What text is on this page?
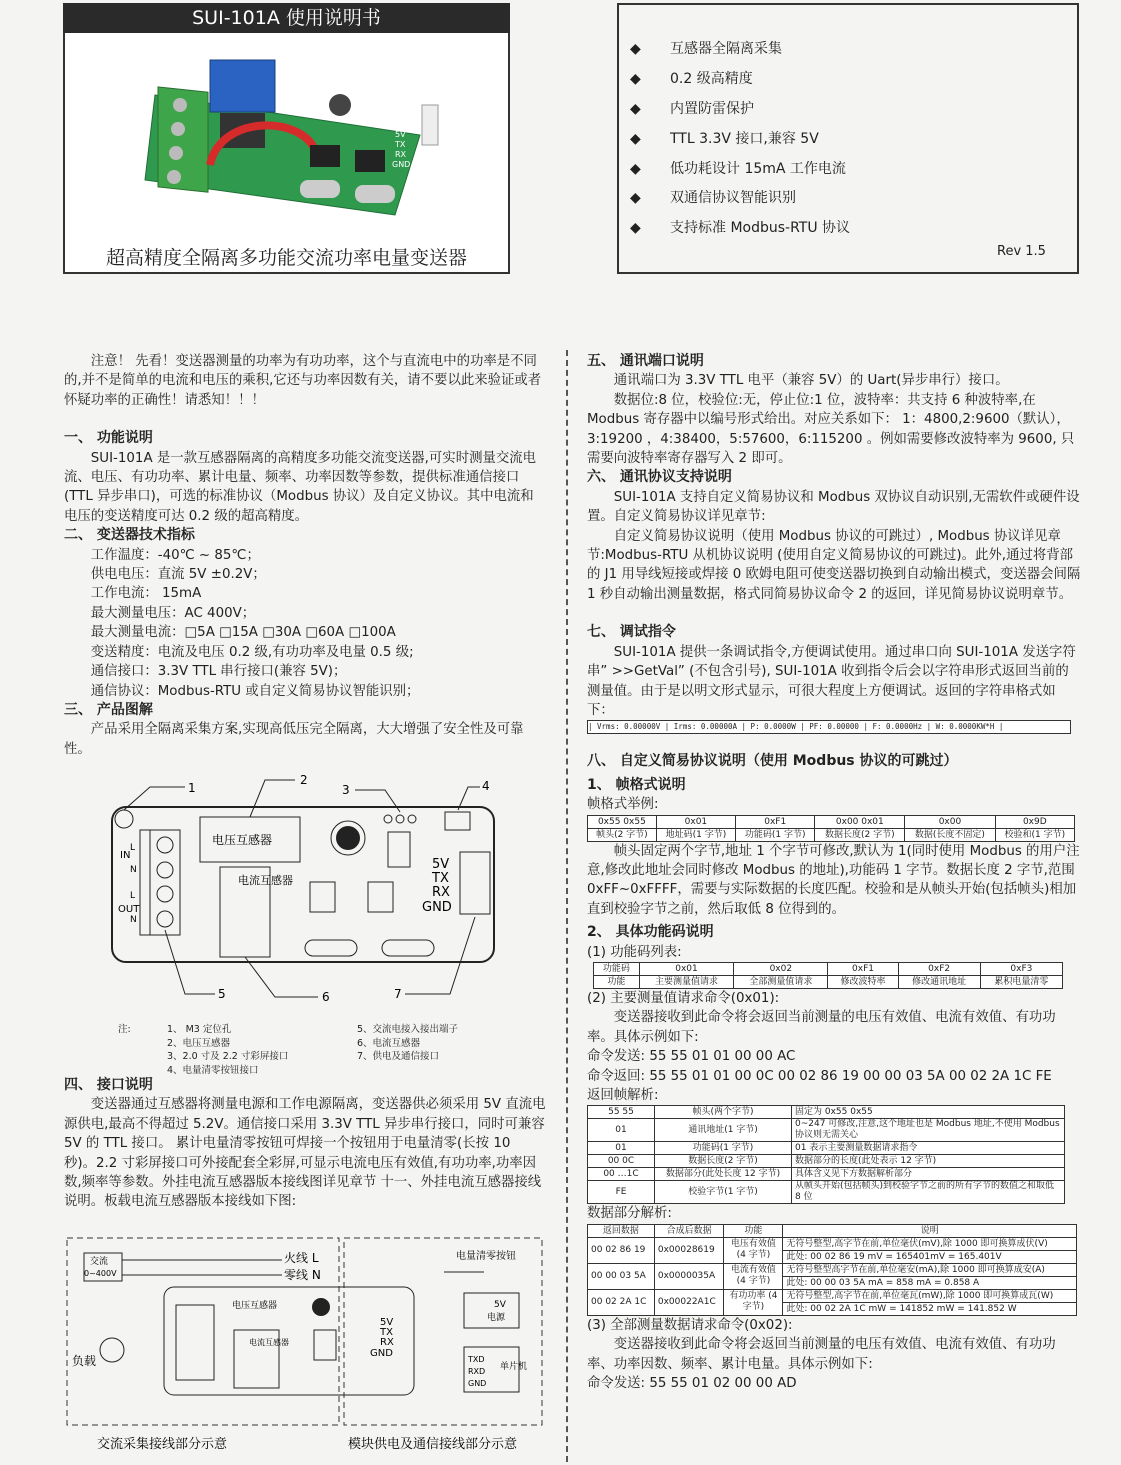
SUI-101A 使用说明书
5V
TX
RX
GND
220V~
超高精度全隔离多功能交流功率电量变送器
◆ 互感器全隔离采集
◆ 0.2 级高精度
◆ 内置防雷保护
◆ TTL 3.3V 接口,兼容 5V
◆ 低功耗设计 15mA 工作电流
◆ 双通信协议智能识别
◆ 支持标准 Modbus-RTU 协议
Rev 1.5

注意！ 先看！变送器测量的功率为有功功率，这个与直流电中的功率是不同的,并不是简单的电流和电压的乘积,它还与功率因数有关，请不要以此来验证或者怀疑功率的正确性！请悉知！！！

一、 功能说明

SUI-101A 是一款互感器隔离的高精度多功能交流变送器,可实时测量交流电流、电压、有功功率、累计电量、频率、功率因数等参数，提供标准通信接口(TTL 异步串口)，可选的标准协议（Modbus 协议）及自定义协议。其中电流和电压的变送精度可达 0.2 级的超高精度。

二、 变送器技术指标

工作温度：-40℃ ~ 85℃；

供电电压：直流 5V ±0.2V；

工作电流： 15mA

最大测量电压：AC 400V；

最大测量电流：□5A □15A □30A □60A □100A

变送精度：电流及电压 0.2 级,有功功率及电量 0.5 级;

通信接口：3.3V TTL 串行接口(兼容 5V)；

通信协议：Modbus-RTU 或自定义简易协议智能识别；

三、 产品图解

产品采用全隔离采集方案,实现高低压完全隔离，大大增强了安全性及可靠性。

L
N
L
N
IN
OUT
电压互感器
电流互感器
5V
TX
RX
GND
1
2
3	4
5	6	7
注:	1、 M3 定位孔
2、电压互感器
3、2.0 寸及 2.2 寸彩屏接口
4、电量清零按钮接口
5、交流电接入接出端子
6、电流互感器
7、供电及通信接口

四、 接口说明

变送器通过互感器将测量电源和工作电源隔离，变送器供必须采用 5V 直流电源供电,最高不得超过 5.2V。通信接口采用 3.3V TTL 异步串行接口，同时可兼容 5V 的 TTL 接口。 累计电量清零按钮可焊接一个按钮用于电量清零(长按 10 秒)。2.2 寸彩屏接口可外接配套全彩屏,可显示电流电压有效值,有功功率,功率因数,频率等参数。外挂电流互感器版本接线图详见章节 十一、外挂电流互感器接线说明。板载电流互感器版本接线如下图:

交流
0~400V
火线 L
零线 N
负载
电压互感器
电流互感器
5V
TX
RX
GND
电量清零按钮
5V
电源
TXD
RXD
GND
单片机
交流采集接线部分示意	模块供电及通信接线部分示意

五、 通讯端口说明

通讯端口为 3.3V TTL 电平（兼容 5V）的 Uart(异步串行）接口。

数据位:8 位，校验位:无，停止位:1 位，波特率：共支持 6 种波特率,在 Modbus 寄存器中以编号形式给出。对应关系如下： 1：4800,2:9600（默认），3:19200 ，4:38400，5:57600，6:115200 。例如需要修改波特率为 9600, 只需要向波特率寄存器写入 2 即可。

六、 通讯协议支持说明

SUI-101A 支持自定义简易协议和 Modbus 双协议自动识别,无需软件或硬件设置。自定义简易协议详见章节:

自定义简易协议说明（使用 Modbus 协议的可跳过）, Modbus 协议详见章节:Modbus-RTU 从机协议说明 (使用自定义简易协议的可跳过)。此外,通过将背部的 J1 用导线短接或焊接 0 欧姆电阻可使变送器切换到自动输出模式，变送器会间隔 1 秒自动输出测量数据，格式同简易协议命令 2 的返回，详见简易协议说明章节。

七、 调试指令

SUI-101A 提供一条调试指令,方便调试使用。通过串口向 SUI-101A 发送字符串” >>GetVal” (不包含引号), SUI-101A 收到指令后会以字符串形式返回当前的测量值。由于是以明文形式显示，可很大程度上方便调试。返回的字符串格式如下：

| Vrms: 0.00000V | Irms: 0.00000A | P: 0.0000W | PF: 0.00000 | F: 0.0000Hz | W: 0.0000KW*H |

八、 自定义简易协议说明（使用 Modbus 协议的可跳过）

1、 帧格式说明

帧格式举例:

0x55 0x55	0x01	0xF1	0x00 0x01	0x00	0x9D
帧头(2 字节)	地址码(1 字节)	功能码(1 字节)	数据长度(2 字节)	数据(长度不固定)	校验和(1 字节)

帧头固定两个字节,地址 1 个字节可修改,默认为 1(同时使用 Modbus 的用户注意,修改此地址会同时修改 Modbus 的地址),功能码 1 字节。数据长度 2 字节,范围 0xFF~0xFFFF，需要与实际数据的长度匹配。校验和是从帧头开始(包括帧头)相加直到校验字节之前，然后取低 8 位得到的。

2、 具体功能码说明

(1) 功能码列表:

功能码	0x01	0x02	0xF1	0xF2	0xF3
功能	主要测量值请求	全部测量值请求	修改波特率	修改通讯地址	累积电量清零

(2) 主要测量值请求命令(0x01):

变送器接收到此命令将会返回当前测量的电压有效值、电流有效值、有功功率。具体示例如下:

命令发送: 55 55 01 01 00 00 AC

命令返回: 55 55 01 01 00 0C 00 02 86 19 00 00 03 5A 00 02 2A 1C FE

返回帧解析:

55 55	帧头(两个字节)	固定为 0x55 0x55
01	通讯地址(1 字节)	0~247 可修改,注意,这个地址也是 Modbus 地址,不使用 Modbus 协议则无需关心
01	功能码(1 字节)	01 表示主要测量数据请求指令
00 0C	数据长度(2 字节)	数据部分的长度(此处表示 12 字节)
00 …1C	数据部分(此处长度 12 字节)	具体含义见下方数据解析部分
FE	校验字节(1 字节)	从帧头开始(包括帧头)到校验字节之前的所有字节的数值之和取低 8 位

数据部分解析:

返回数据	合成后数据	功能	说明
00 02 86 19	0x00028619	电压有效值 (4 字节)	无符号整型,高字节在前,单位毫伏(mV),除 1000 即可换算成伏(V)
			此处: 00 02 86 19 mV = 165401mV = 165.401V
00 00 03 5A	0x0000035A	电流有效值 (4 字节)	无符号整型高字节在前,单位毫安(mA),除 1000 即可换算成安(A)
			此处: 00 00 03 5A mA = 858 mA = 0.858 A
00 02 2A 1C	0x00022A1C	有功功率 (4 字节)	无符号整型,高字节在前,单位毫瓦(mW),除 1000 即可换算成瓦(W)
			此处: 00 02 2A 1C mW = 141852 mW = 141.852 W

(3) 全部测量数据请求命令(0x02):

变送器接收到此命令将会返回当前测量的电压有效值、电流有效值、有功功率、功率因数、频率、累计电量。具体示例如下:

命令发送: 55 55 01 02 00 00 AD
